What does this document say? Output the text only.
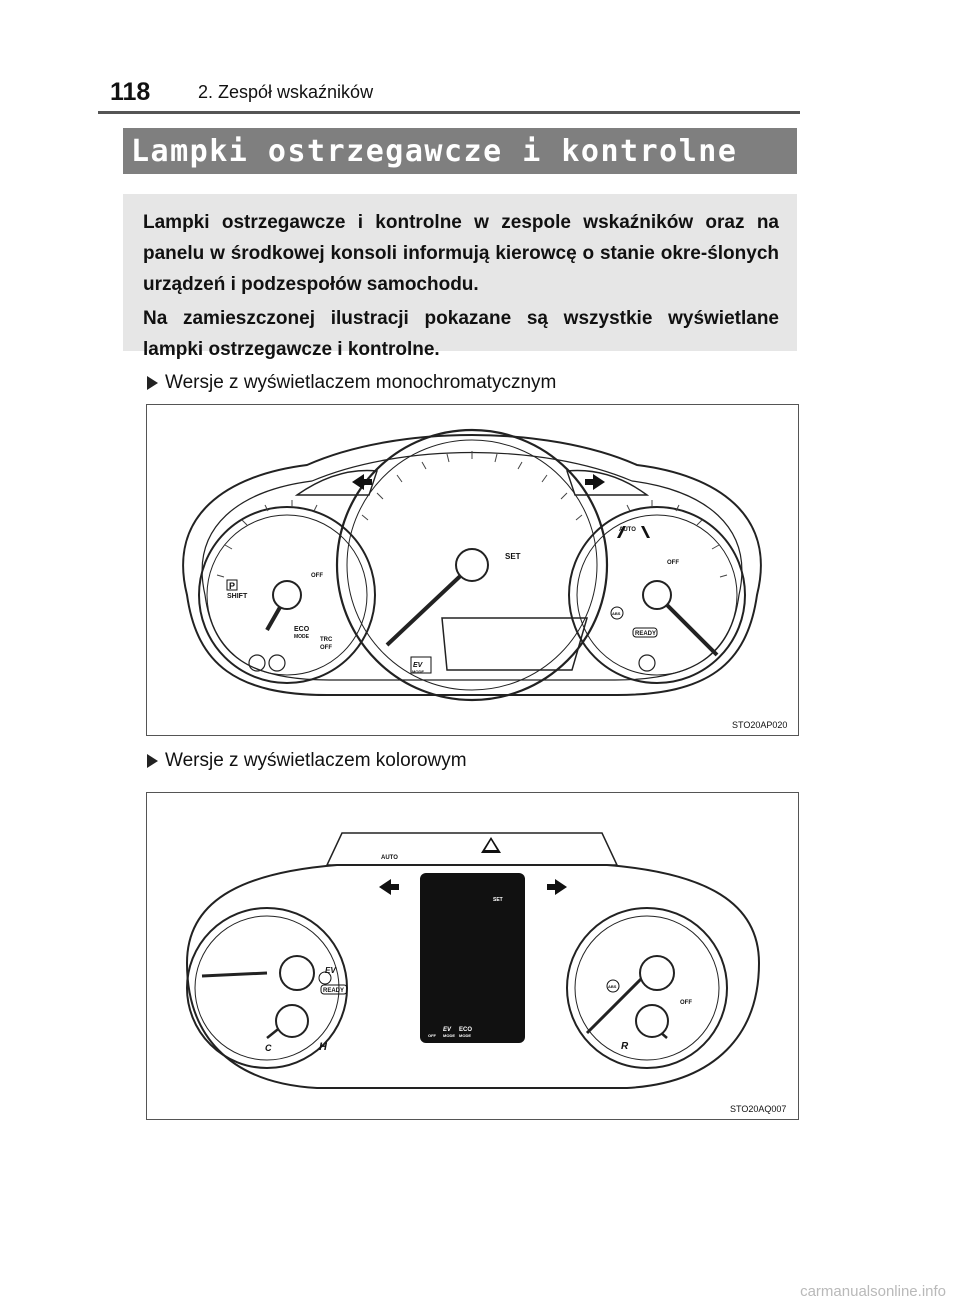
118	2. Zespół wskaźników
Lampki ostrzegawcze i kontrolne
Lampki ostrzegawcze i kontrolne w zespole wskaźników oraz na panelu w środkowej konsoli informują kierowcę o stanie okre-ślonych urządzeń i podzespołów samochodu.
Na zamieszczonej ilustracji pokazane są wszystkie wyświetlane lampki ostrzegawcze i kontrolne.
Wersje z wyświetlaczem monochromatycznym
SET
AUTO
OFF
OFF
P
SHIFT
ECO
MODE TRC
OFF
EV
MODE
ABS
READY
STO20AP020
Wersje z wyświetlaczem kolorowym
AUTO
EV
READY
H
C
ABS
OFF
R
SET
OFF
EV
MODE
ECO
MODE
STO20AQ007
carmanualsonline.info
